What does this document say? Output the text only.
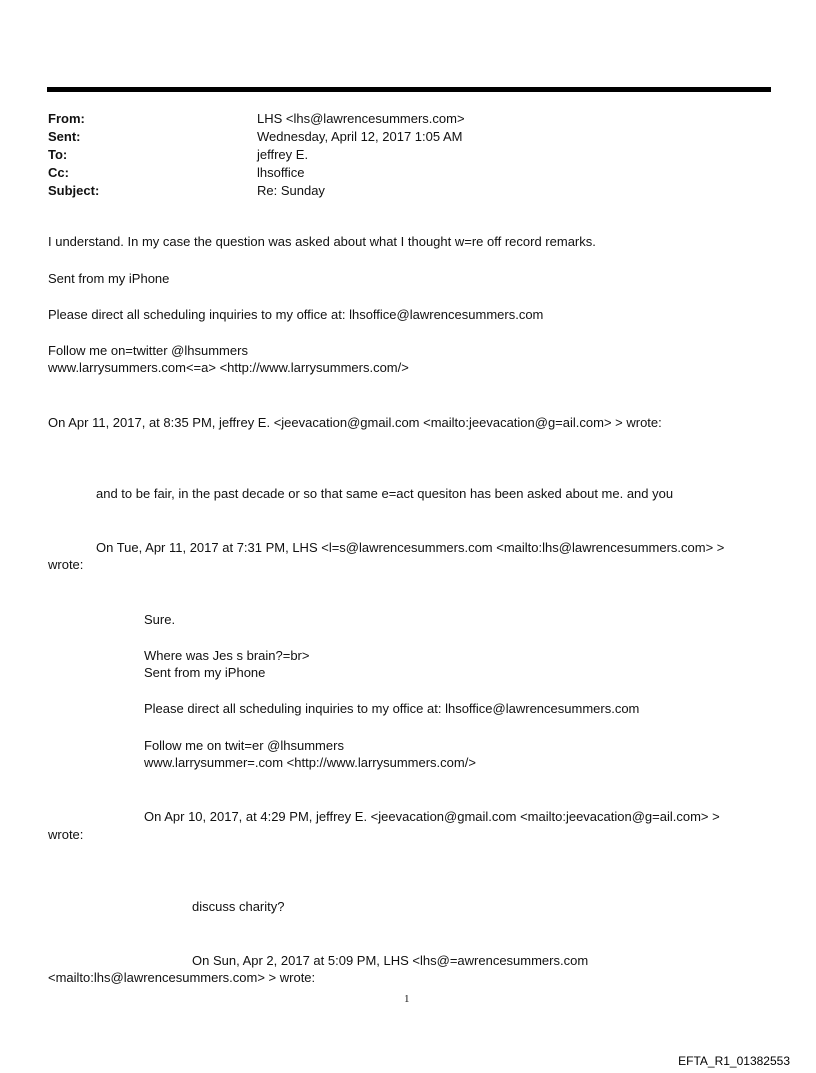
From:	LHS <lhs@lawrencesummers.com>
Sent:	Wednesday, April 12, 2017 1:05 AM
To:	jeffrey E.
Cc:	lhsoffice
Subject:	Re: Sunday
I understand. In my case the question was asked about what I thought w=re off record remarks.
Sent from my iPhone
Please direct all scheduling inquiries to my office at: lhsoffice@lawrencesummers.com
Follow me on=twitter @lhsummers
www.larrysummers.com<=a> <http://www.larrysummers.com/>
On Apr 11, 2017, at 8:35 PM, jeffrey E. <jeevacation@gmail.com <mailto:jeevacation@g=ail.com> > wrote:
and to be fair, in the past decade or so that same e=act quesiton has been asked about me. and you
On Tue, Apr 11, 2017 at 7:31 PM, LHS <l=s@lawrencesummers.com <mailto:lhs@lawrencesummers.com> >
wrote:
Sure.
Where was Jes s brain?=br>
Sent from my iPhone
Please direct all scheduling inquiries to my office at: lhsoffice@lawrencesummers.com
Follow me on twit=er @lhsummers
www.larrysummer=.com <http://www.larrysummers.com/>
On Apr 10, 2017, at 4:29 PM, jeffrey E. <jeevacation@gmail.com <mailto:jeevacation@g=ail.com> >
wrote:
discuss charity?
On Sun, Apr 2, 2017 at 5:09 PM, LHS <lhs@=awrencesummers.com
<mailto:lhs@lawrencesummers.com> > wrote:
1
EFTA_R1_01382553
